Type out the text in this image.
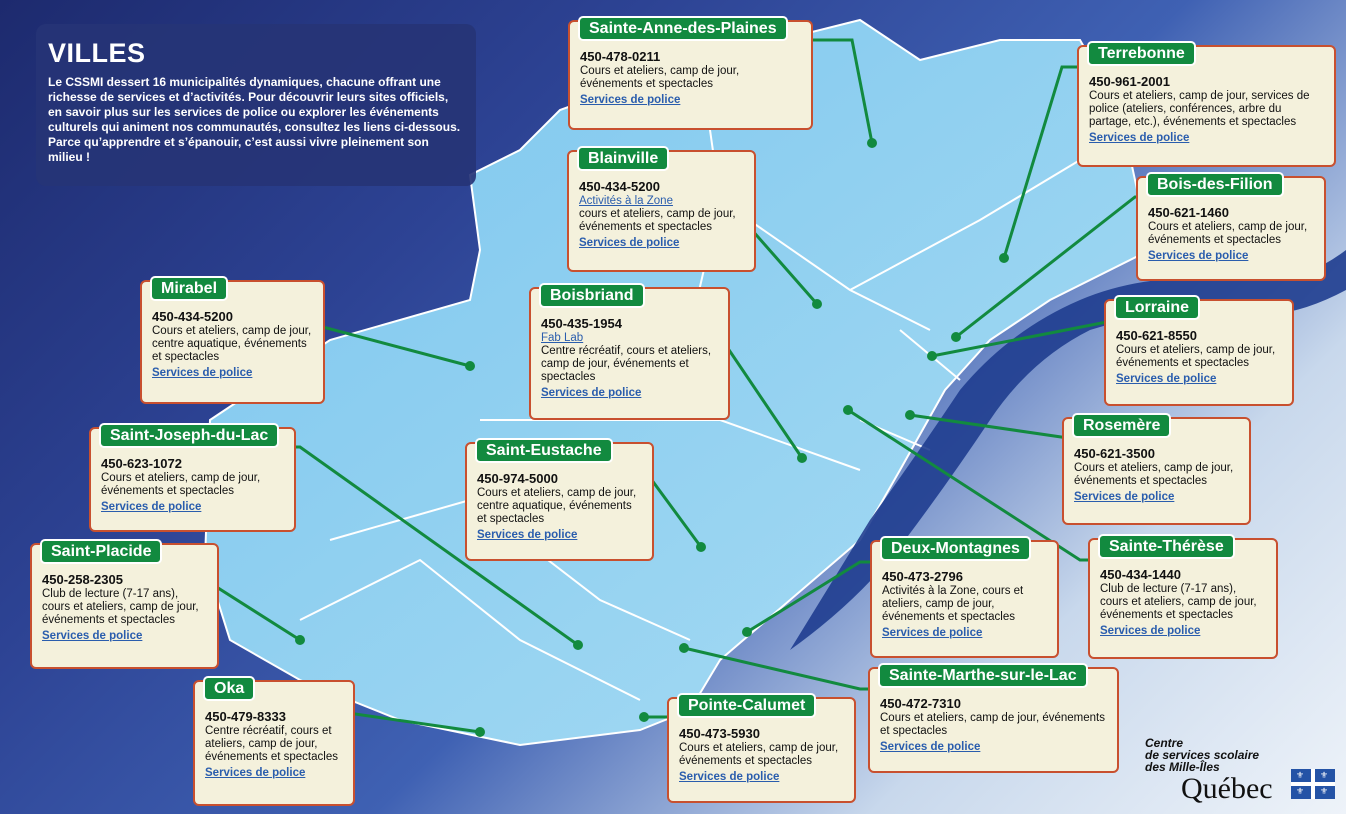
VILLES

Le CSSMI dessert 16 municipalités dynamiques, chacune offrant une richesse de services et d’activités. Pour découvrir leurs sites officiels, en savoir plus sur les services de police ou explorer les événements culturels qui animent nos communautés, consultez les liens ci-dessous. Parce qu’apprendre et s’épanouir, c’est aussi vivre pleinement son milieu !

Sainte-Anne-des-Plaines
450-478-0211
Cours et ateliers, camp de jour, événements et spectacles
Services de police
Terrebonne
450-961-2001
Cours et ateliers, camp de jour, services de police (ateliers, conférences, arbre du partage, etc.), événements et spectacles
Services de police
Blainville
450-434-5200
Activités à la Zone
cours et ateliers, camp de jour, événements et spectacles
Services de police
Bois-des-Filion
450-621-1460
Cours et ateliers, camp de jour, événements et spectacles
Services de police
Mirabel
450-434-5200
Cours et ateliers, camp de jour, centre aquatique, événements et spectacles
Services de police
Boisbriand
450-435-1954
Fab Lab
Centre récréatif, cours et ateliers, camp de jour, événements et spectacles
Services de police
Lorraine
450-621-8550
Cours et ateliers, camp de jour, événements et spectacles
Services de police
Saint-Joseph-du-Lac
450-623-1072
Cours et ateliers, camp de jour, événements et spectacles
Services de police
Rosemère
450-621-3500
Cours et ateliers, camp de jour, événements et spectacles
Services de police
Saint-Eustache
450-974-5000
Cours et ateliers, camp de jour, centre aquatique, événements et spectacles
Services de police
Saint-Placide
450-258-2305
Club de lecture (7-17 ans), cours et ateliers, camp de jour, événements et spectacles
Services de police
Deux-Montagnes
450-473-2796
Activités à la Zone, cours et ateliers, camp de jour, événements et spectacles
Services de police
Sainte-Thérèse
450-434-1440
Club de lecture (7-17 ans), cours et ateliers, camp de jour, événements et spectacles
Services de police
Oka
450-479-8333
Centre récréatif, cours et ateliers, camp de jour, événements et spectacles
Services de police
Pointe-Calumet
450-473-5930
Cours et ateliers, camp de jour, événements et spectacles
Services de police
Sainte-Marthe-sur-le-Lac
450-472-7310
Cours et ateliers, camp de jour, événements et spectacles
Services de police	Centre
de services scolaire
des Mille-Îles
Québec	⚜ ⚜
⚜ ⚜
